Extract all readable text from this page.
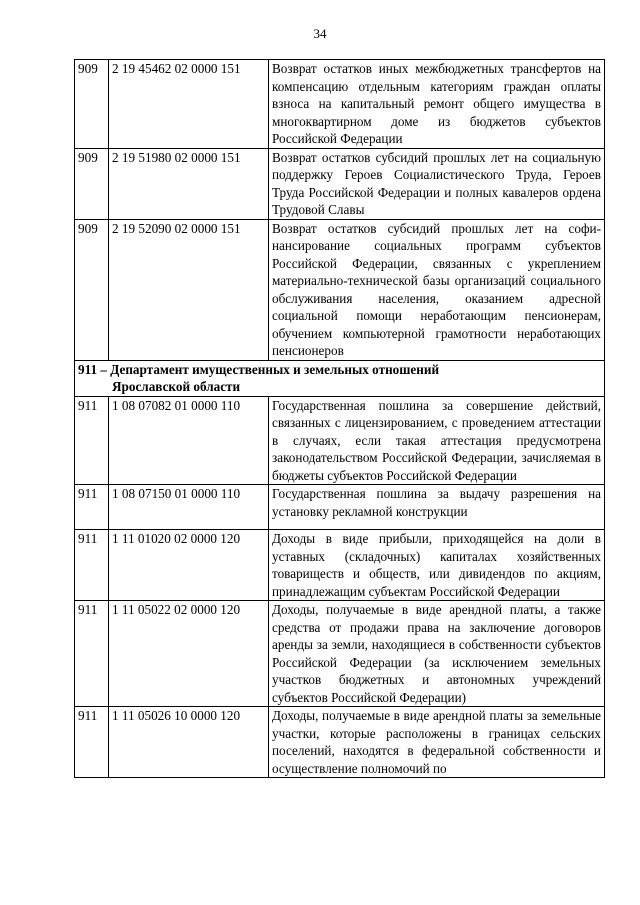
34
909	2 19 45462 02 0000 151	Возврат остатков иных межбюджетных трансфертов на компенсацию отдельным категориям граждан оплаты взноса на капитальный ремонт общего имущества в многоквартирном доме из бюджетов субъектов Российской Федерации
909	2 19 51980 02 0000 151	Возврат остатков субсидий прошлых лет на социальную поддержку Героев Социалистического Труда, Героев Труда Российской Федерации и полных кавалеров ордена Трудовой Славы
909	2 19 52090 02 0000 151	Возврат остатков субсидий прошлых лет на софинансирование социальных программ субъектов Российской Федерации, связанных с укреплением материально-технической базы организаций социального обслуживания населения, оказанием адресной социальной помощи неработающим пенсионерам, обучением компьютерной грамотности неработающих пенсионеров

911 – Департамент имущественных и земельных отношений
Ярославской области		

911	1 08 07082 01 0000 110	Государственная пошлина за совершение действий, связанных с лицензированием, с проведением аттестации в случаях, если такая аттестация предусмотрена законодательством Российской Федерации, зачисляемая в бюджеты субъектов Российской Федерации
911	1 08 07150 01 0000 110	Государственная пошлина за выдачу разрешения на установку рекламной конструкции
911	1 11 01020 02 0000 120	Доходы в виде прибыли, приходящейся на доли в уставных (складочных) капиталах хозяйственных товариществ и обществ, или дивидендов по акциям, принадлежащим субъектам Российской Федерации
911	1 11 05022 02 0000 120	Доходы, получаемые в виде арендной платы, а также средства от продажи права на заключение договоров аренды за земли, находящиеся в собственности субъектов Российской Федерации (за исключением земельных участков бюджетных и автономных учреждений субъектов Российской Федерации)
911	1 11 05026 10 0000 120	Доходы, получаемые в виде арендной платы за земельные участки, которые расположены в границах сельских поселений, находятся в федеральной собственности и осуществление полномочий по
